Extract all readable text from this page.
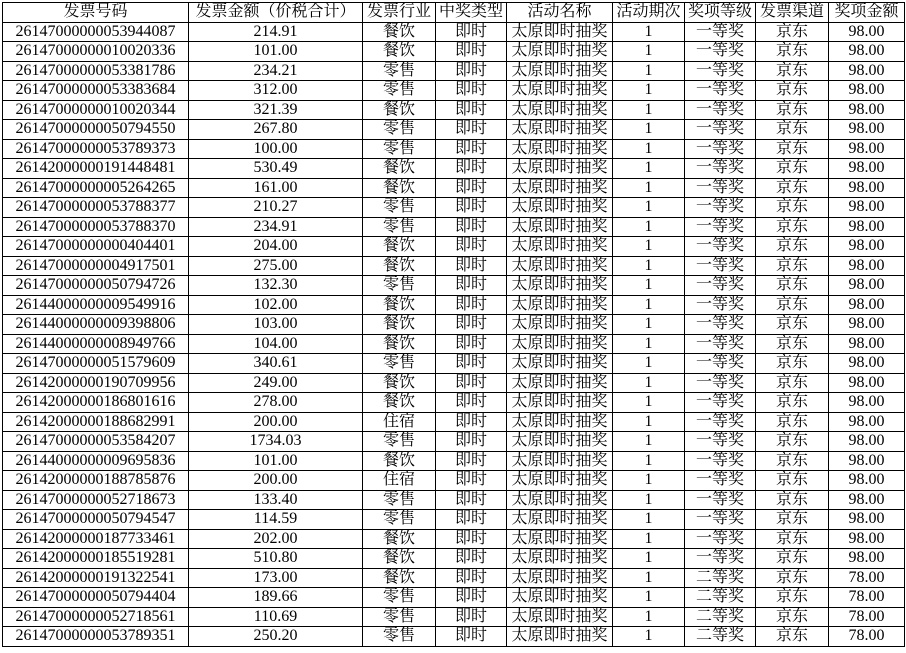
发票号码	发票金额（价税合计）	发票行业	中奖类型	活动名称	活动期次	奖项等级	发票渠道	奖项金额
26147000000053944087	214.91	餐饮	即时	太原即时抽奖	1	一等奖	京东	98.00
26147000000010020336	101.00	餐饮	即时	太原即时抽奖	1	一等奖	京东	98.00
26147000000053381786	234.21	零售	即时	太原即时抽奖	1	一等奖	京东	98.00
26147000000053383684	312.00	零售	即时	太原即时抽奖	1	一等奖	京东	98.00
26147000000010020344	321.39	餐饮	即时	太原即时抽奖	1	一等奖	京东	98.00
26147000000050794550	267.80	零售	即时	太原即时抽奖	1	一等奖	京东	98.00
26147000000053789373	100.00	零售	即时	太原即时抽奖	1	一等奖	京东	98.00
26142000000191448481	530.49	餐饮	即时	太原即时抽奖	1	一等奖	京东	98.00
26147000000005264265	161.00	餐饮	即时	太原即时抽奖	1	一等奖	京东	98.00
26147000000053788377	210.27	零售	即时	太原即时抽奖	1	一等奖	京东	98.00
26147000000053788370	234.91	零售	即时	太原即时抽奖	1	一等奖	京东	98.00
26147000000000404401	204.00	餐饮	即时	太原即时抽奖	1	一等奖	京东	98.00
26147000000004917501	275.00	餐饮	即时	太原即时抽奖	1	一等奖	京东	98.00
26147000000050794726	132.30	零售	即时	太原即时抽奖	1	一等奖	京东	98.00
26144000000009549916	102.00	餐饮	即时	太原即时抽奖	1	一等奖	京东	98.00
26144000000009398806	103.00	餐饮	即时	太原即时抽奖	1	一等奖	京东	98.00
26144000000008949766	104.00	餐饮	即时	太原即时抽奖	1	一等奖	京东	98.00
26147000000051579609	340.61	零售	即时	太原即时抽奖	1	一等奖	京东	98.00
26142000000190709956	249.00	餐饮	即时	太原即时抽奖	1	一等奖	京东	98.00
26142000000186801616	278.00	餐饮	即时	太原即时抽奖	1	一等奖	京东	98.00
26142000000188682991	200.00	住宿	即时	太原即时抽奖	1	一等奖	京东	98.00
26147000000053584207	1734.03	零售	即时	太原即时抽奖	1	一等奖	京东	98.00
26144000000009695836	101.00	餐饮	即时	太原即时抽奖	1	一等奖	京东	98.00
26142000000188785876	200.00	住宿	即时	太原即时抽奖	1	一等奖	京东	98.00
26147000000052718673	133.40	零售	即时	太原即时抽奖	1	一等奖	京东	98.00
26147000000050794547	114.59	零售	即时	太原即时抽奖	1	一等奖	京东	98.00
26142000000187733461	202.00	餐饮	即时	太原即时抽奖	1	一等奖	京东	98.00
26142000000185519281	510.80	餐饮	即时	太原即时抽奖	1	一等奖	京东	98.00
26142000000191322541	173.00	餐饮	即时	太原即时抽奖	1	二等奖	京东	78.00
26147000000050794404	189.66	零售	即时	太原即时抽奖	1	二等奖	京东	78.00
26147000000052718561	110.69	零售	即时	太原即时抽奖	1	二等奖	京东	78.00
26147000000053789351	250.20	零售	即时	太原即时抽奖	1	二等奖	京东	78.00
